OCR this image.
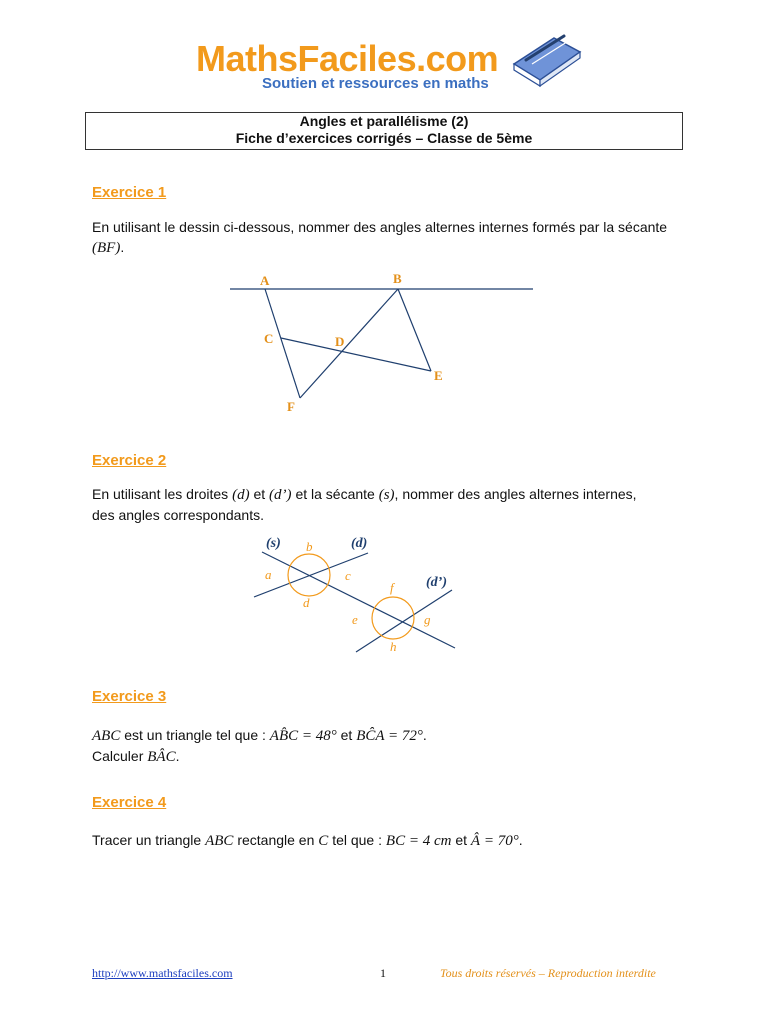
MathsFaciles.com
Soutien et ressources en maths
Angles et parallélisme (2)
Fiche d’exercices corrigés – Classe de 5ème
Exercice 1
En utilisant le dessin ci-dessous, nommer des angles alternes internes formés par la sécante
(BF).
A	B
C	D
E
F
Exercice 2
En utilisant les droites (d) et (d’) et la sécante (s), nommer des angles alternes internes,
des angles correspondants.
(s)	(d)
(d’)
a
b
c
d
e
f
g
h
Exercice 3
ABC est un triangle tel que : AB̂C = 48° et BĈA = 72°.
Calculer BÂC.
Exercice 4
Tracer un triangle ABC rectangle en C tel que : BC = 4 cm et Â = 70°.
http://www.mathsfaciles.com	1	Tous droits réservés – Reproduction interdite
